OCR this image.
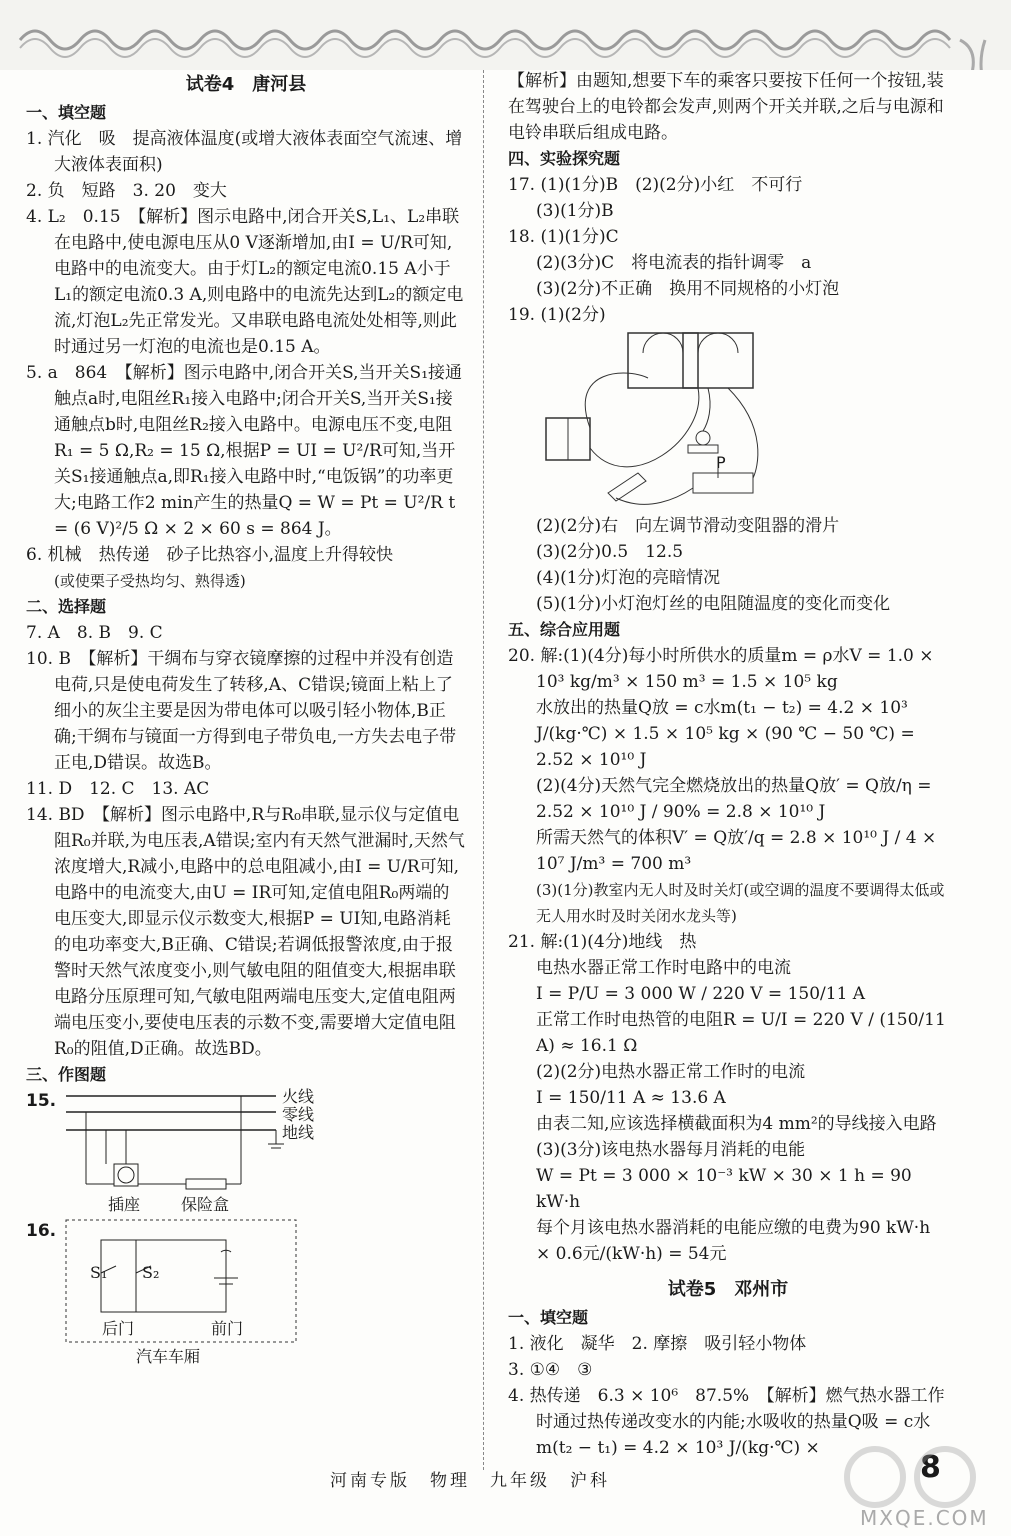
试卷4　唐河县
一、填空题

1. 汽化　吸　提高液体温度(或增大液体表面空气流速、增大液体表面积)

2. 负　短路　3. 20　变大

4. L₂　0.15　【解析】图示电路中,闭合开关S,L₁、L₂串联在电路中,使电源电压从0 V逐渐增加,由I = U/R可知,电路中的电流变大。由于灯L₂的额定电流0.15 A小于L₁的额定电流0.3 A,则电路中的电流先达到L₂的额定电流,灯泡L₂先正常发光。又串联电路电流处处相等,则此时通过另一灯泡的电流也是0.15 A。

5. a　864　【解析】图示电路中,闭合开关S,当开关S₁接通触点a时,电阻丝R₁接入电路中;闭合开关S,当开关S₁接通触点b时,电阻丝R₂接入电路中。电源电压不变,电阻R₁ = 5 Ω,R₂ = 15 Ω,根据P = UI = U²/R可知,当开关S₁接通触点a,即R₁接入电路中时,“电饭锅”的功率更大;电路工作2 min产生的热量Q = W = Pt = U²/R t = (6 V)²/5 Ω × 2 × 60 s = 864 J。

6. 机械　热传递　砂子比热容小,温度上升得较快

(或使栗子受热均匀、熟得透)

二、选择题

7. A　8. B　9. C

10. B　【解析】干绸布与穿衣镜摩擦的过程中并没有创造电荷,只是使电荷发生了转移,A、C错误;镜面上粘上了细小的灰尘主要是因为带电体可以吸引轻小物体,B正确;干绸布与镜面一方得到电子带负电,一方失去电子带正电,D错误。故选B。

11. D　12. C　13. AC

14. BD　【解析】图示电路中,R与R₀串联,显示仪与定值电阻R₀并联,为电压表,A错误;室内有天然气泄漏时,天然气浓度增大,R减小,电路中的总电阻减小,由I = U/R可知,电路中的电流变大,由U = IR可知,定值电阻R₀两端的电压变大,即显示仪示数变大,根据P = UI知,电路消耗的电功率变大,B正确、C错误;若调低报警浓度,由于报警时天然气浓度变小,则气敏电阻的阻值变大,根据串联电路分压原理可知,气敏电阻两端电压变大,定值电阻两端电压变小,要使电压表的示数不变,需要增大定值电阻R₀的阻值,D正确。故选BD。

三、作图题
15.	火线
零线
地线
插座	保险盒
16.
S₁ S₂
后门	前门
汽车车厢

【解析】由题知,想要下车的乘客只要按下任何一个按钮,装在驾驶台上的电铃都会发声,则两个开关并联,之后与电源和电铃串联后组成电路。

四、实验探究题

17. (1)(1分)B　(2)(2分)小红　不可行

(3)(1分)B

18. (1)(1分)C

(2)(3分)C　将电流表的指针调零　a

(3)(2分)不正确　换用不同规格的小灯泡

19. (1)(2分)

P

(2)(2分)右　向左调节滑动变阻器的滑片

(3)(2分)0.5　12.5

(4)(1分)灯泡的亮暗情况

(5)(1分)小灯泡灯丝的电阻随温度的变化而变化

五、综合应用题

20. 解:(1)(4分)每小时所供水的质量m = ρ水V = 1.0 × 10³ kg/m³ × 150 m³ = 1.5 × 10⁵ kg

水放出的热量Q放 = c水m(t₁ − t₂) = 4.2 × 10³ J/(kg·℃) × 1.5 × 10⁵ kg × (90 ℃ − 50 ℃) = 2.52 × 10¹⁰ J

(2)(4分)天然气完全燃烧放出的热量Q放′ = Q放/η = 2.52 × 10¹⁰ J / 90% = 2.8 × 10¹⁰ J

所需天然气的体积V′ = Q放′/q = 2.8 × 10¹⁰ J / 4 × 10⁷ J/m³ = 700 m³

(3)(1分)教室内无人时及时关灯(或空调的温度不要调得太低或无人用水时及时关闭水龙头等)

21. 解:(1)(4分)地线　热

电热水器正常工作时电路中的电流

I = P/U = 3 000 W / 220 V = 150/11 A

正常工作时电热管的电阻R = U/I = 220 V / (150/11 A) ≈ 16.1 Ω

(2)(2分)电热水器正常工作时的电流

I = 150/11 A ≈ 13.6 A

由表二知,应该选择横截面积为4 mm²的导线接入电路

(3)(3分)该电热水器每月消耗的电能

W = Pt = 3 000 × 10⁻³ kW × 30 × 1 h = 90 kW·h

每个月该电热水器消耗的电能应缴的电费为90 kW·h × 0.6元/(kW·h) = 54元

试卷5　邓州市
一、填空题

1. 液化　凝华　2. 摩擦　吸引轻小物体

3. ①④　③

4. 热传递　6.3 × 10⁶　87.5%　【解析】燃气热水器工作时通过热传递改变水的内能;水吸收的热量Q吸 = c水m(t₂ − t₁) = 4.2 × 10³ J/(kg·℃) ×

河南专版　物理　九年级　沪科	8
MXQE.COM
